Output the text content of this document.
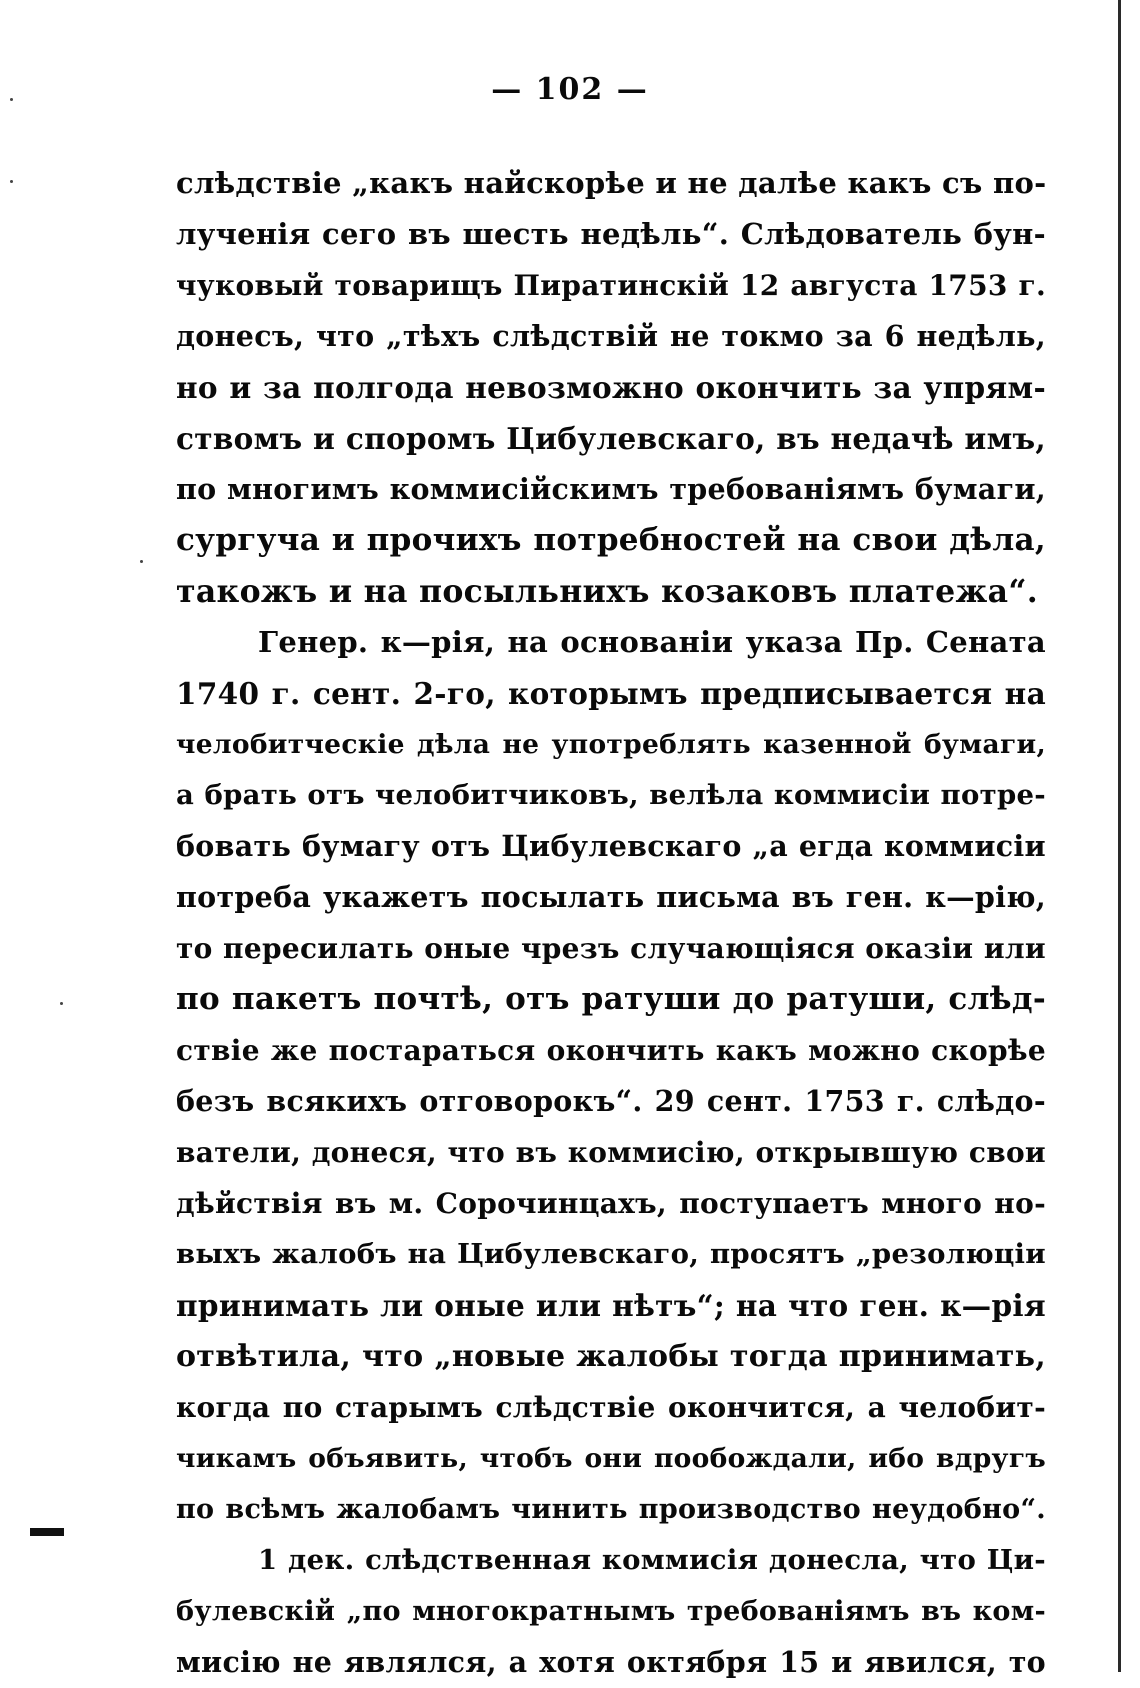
— 102 —
слѣдствіе „какъ найскорѣе и не далѣе какъ съ по-
лученія сего въ шесть недѣль“. Слѣдователь бун-
чуковый товарищъ Пиратинскій 12 августа 1753 г.
донесъ, что „тѣхъ слѣдствій не токмо за 6 недѣль,
но и за полгода невозможно окончить за упрям-
ствомъ и споромъ Цибулевскаго, въ недачѣ имъ,
по многимъ коммисійскимъ требованіямъ бумаги,
сургуча и прочихъ потребностей на свои дѣла,
такожъ и на посыльнихъ козаковъ платежа“.
Генер. к—рія, на основаніи указа Пр. Сената
1740 г. сент. 2-го, которымъ предписывается на
челобитческіе дѣла не употреблять казенной бумаги,
а брать отъ челобитчиковъ, велѣла коммисіи потре-
бовать бумагу отъ Цибулевскаго „а егда коммисіи
потреба укажетъ посылать письма въ ген. к—рію,
то пересилать оные чрезъ случающіяся оказіи или
по пакетъ почтѣ, отъ ратуши до ратуши, слѣд-
ствіе же постараться окончить какъ можно скорѣе
безъ всякихъ отговорокъ“. 29 сент. 1753 г. слѣдо-
ватели, донеся, что въ коммисію, открывшую свои
дѣйствія въ м. Сорочинцахъ, поступаетъ много но-
выхъ жалобъ на Цибулевскаго, просятъ „резолюціи
принимать ли оные или нѣтъ“; на что ген. к—рія
отвѣтила, что „новые жалобы тогда принимать,
когда по старымъ слѣдствіе окончится, а челобит-
чикамъ объявить, чтобъ они пообождали, ибо вдругъ
по всѣмъ жалобамъ чинить производство неудобно“.
1 дек. слѣдственная коммисія донесла, что Ци-
булевскій „по многократнымъ требованіямъ въ ком-
мисію не являлся, а хотя октября 15 и явился, то
